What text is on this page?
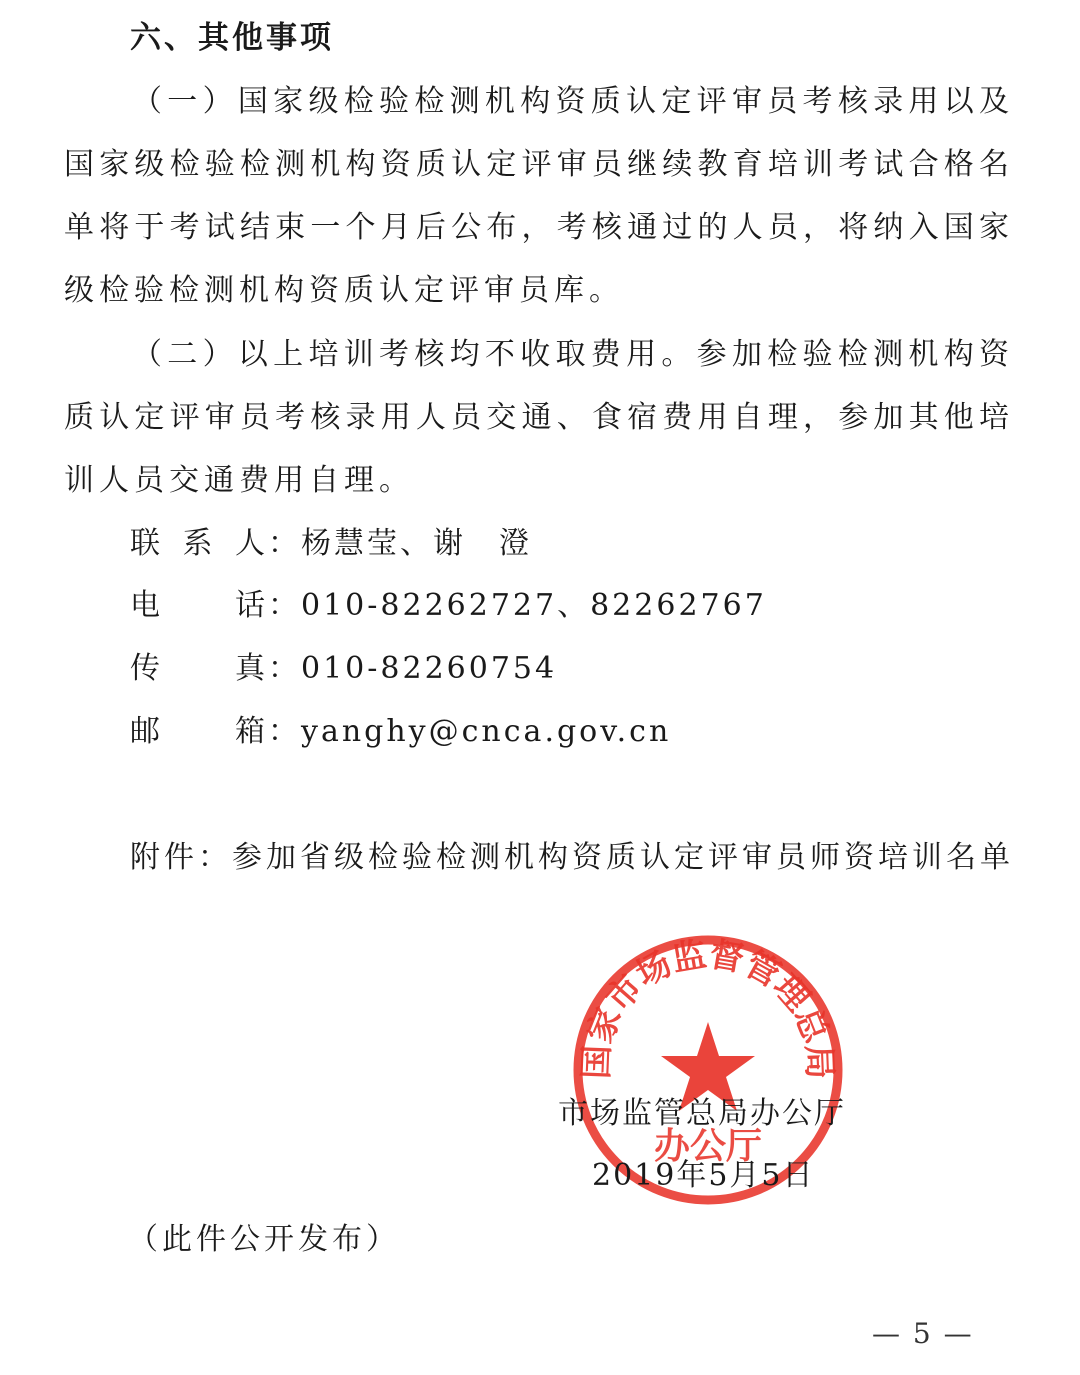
六、其他事项
（一）国家级检验检测机构资质认定评审员考核录用以及国家级检验检测机构资质认定评审员继续教育培训考试合格名单将于考试结束一个月后公布，考核通过的人员，将纳入国家级检验检测机构资质认定评审员库。
（二）以上培训考核均不收取费用。参加检验检测机构资质认定评审员考核录用人员交通、食宿费用自理，参加其他培训人员交通费用自理。
联系人：杨慧莹、谢　澄
电话：010-82262727、82262767
传真：010-82260754
邮箱：yanghy@cnca.gov.cn
附件：参加省级检验检测机构资质认定评审员师资培训名单
国家市场监督管理总局
办公厅
市场监管总局办公厅
2019年5月5日
（此件公开发布）
— 5 —
